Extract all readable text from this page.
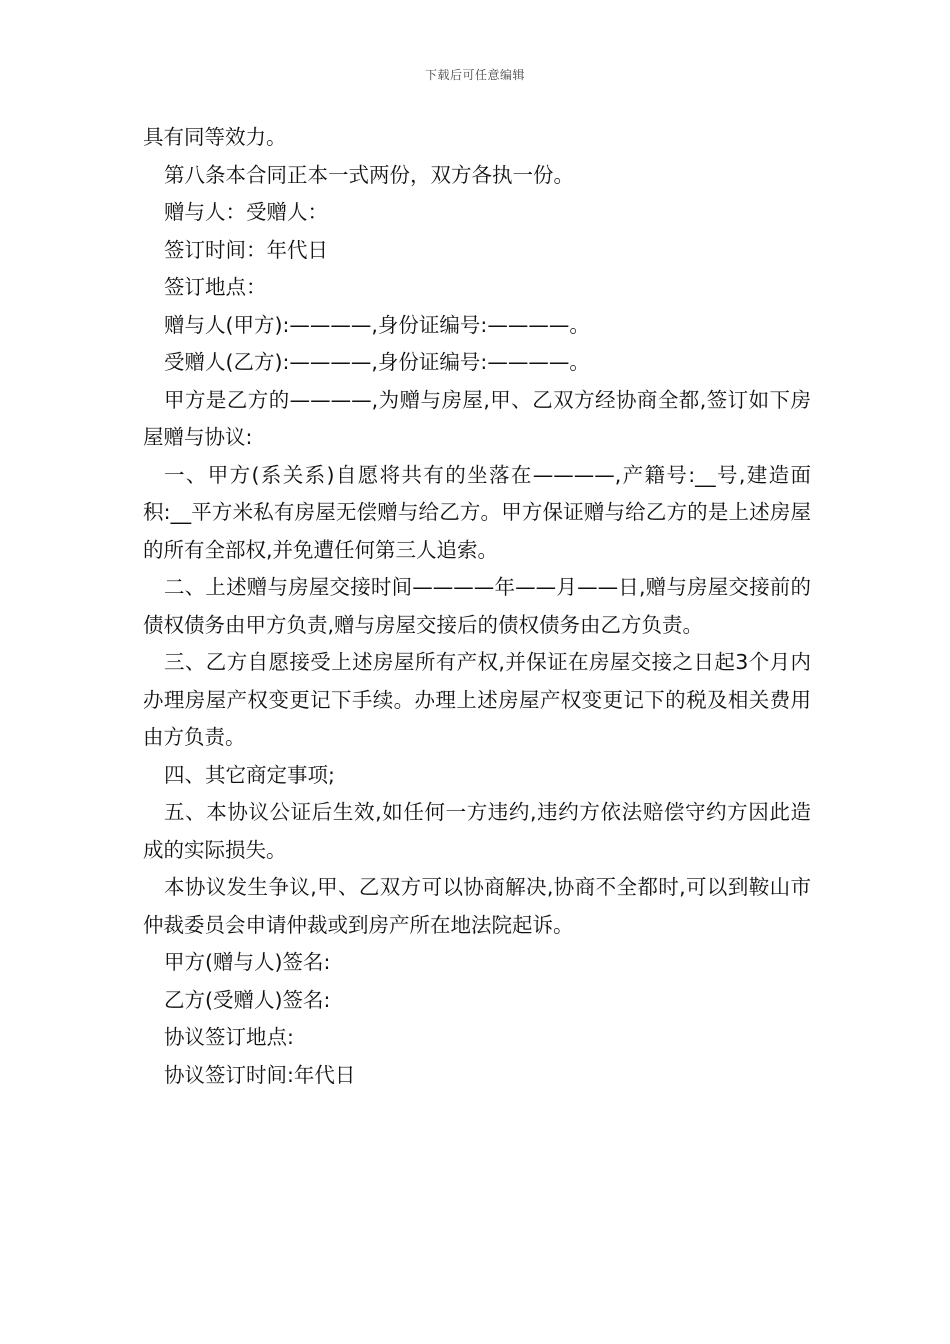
下载后可任意编辑

具有同等效力。

第八条本合同正本一式两份，双方各执一份。

赠与人：受赠人：

签订时间：年代日

签订地点：

赠与人(甲方):————,身份证编号:————。

受赠人(乙方):————,身份证编号:————。

甲方是乙方的————,为赠与房屋,甲、乙双方经协商全都,签订如下房屋赠与协议:

一、甲方(系关系)自愿将共有的坐落在————,产籍号:__号,建造面积:__平方米私有房屋无偿赠与给乙方。甲方保证赠与给乙方的是上述房屋的所有全部权,并免遭任何第三人追索。

二、上述赠与房屋交接时间————年——月——日,赠与房屋交接前的债权债务由甲方负责,赠与房屋交接后的债权债务由乙方负责。

三、乙方自愿接受上述房屋所有产权,并保证在房屋交接之日起3个月内办理房屋产权变更记下手续。办理上述房屋产权变更记下的税及相关费用由方负责。

四、其它商定事项;

五、本协议公证后生效,如任何一方违约,违约方依法赔偿守约方因此造成的实际损失。

本协议发生争议,甲、乙双方可以协商解决,协商不全都时,可以到鞍山市仲裁委员会申请仲裁或到房产所在地法院起诉。

甲方(赠与人)签名:

乙方(受赠人)签名:

协议签订地点:

协议签订时间:年代日
